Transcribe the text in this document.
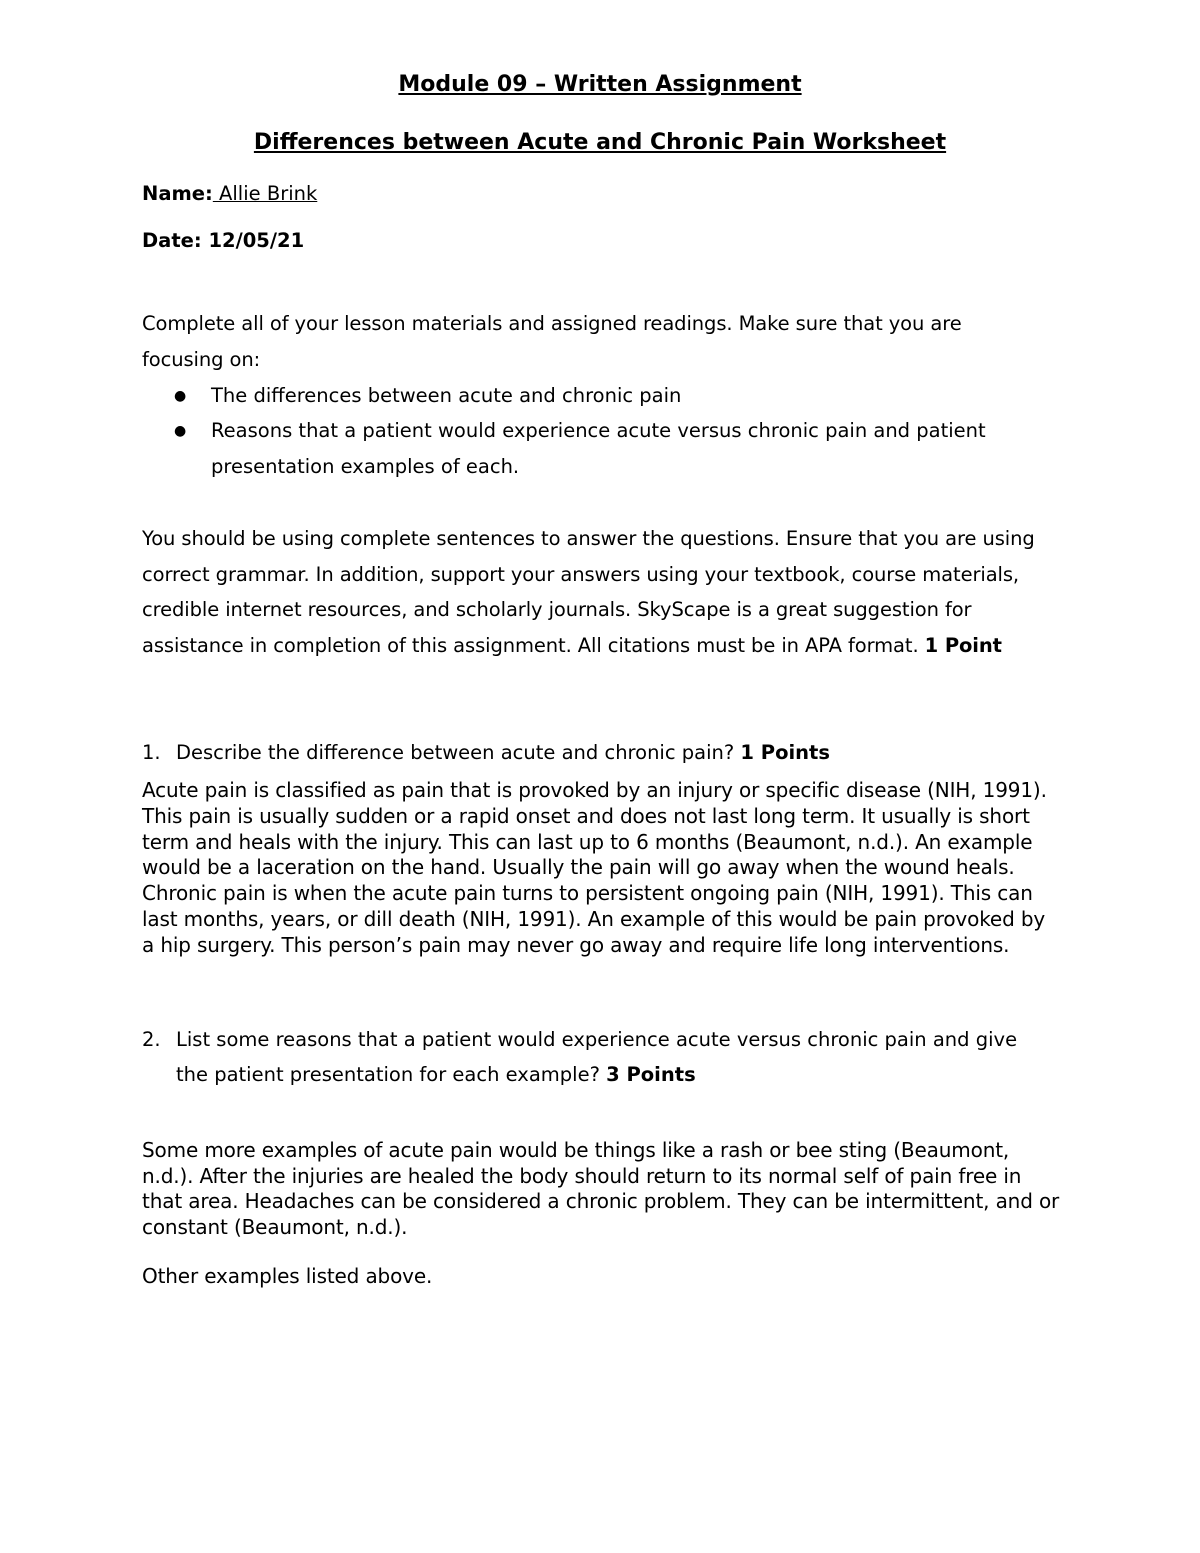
Module 09 – Written Assignment

Differences between Acute and Chronic Pain Worksheet

Name: Allie Brink

Date: 12/05/21

Complete all of your lesson materials and assigned readings. Make sure that you are

focusing on:

● The differences between acute and chronic pain

● Reasons that a patient would experience acute versus chronic pain and patient

presentation examples of each.

You should be using complete sentences to answer the questions. Ensure that you are using

correct grammar. In addition, support your answers using your textbook, course materials,

credible internet resources, and scholarly journals. SkyScape is a great suggestion for

assistance in completion of this assignment. All citations must be in APA format. 1 Point

1. Describe the difference between acute and chronic pain? 1 Points

Acute pain is classified as pain that is provoked by an injury or specific disease (NIH, 1991).

This pain is usually sudden or a rapid onset and does not last long term. It usually is short

term and heals with the injury. This can last up to 6 months (Beaumont, n.d.). An example

would be a laceration on the hand. Usually the pain will go away when the wound heals.

Chronic pain is when the acute pain turns to persistent ongoing pain (NIH, 1991). This can

last months, years, or dill death (NIH, 1991). An example of this would be pain provoked by

a hip surgery. This person’s pain may never go away and require life long interventions.

2. List some reasons that a patient would experience acute versus chronic pain and give

the patient presentation for each example? 3 Points

Some more examples of acute pain would be things like a rash or bee sting (Beaumont,

n.d.). After the injuries are healed the body should return to its normal self of pain free in

that area. Headaches can be considered a chronic problem. They can be intermittent, and or

constant (Beaumont, n.d.).

Other examples listed above.
